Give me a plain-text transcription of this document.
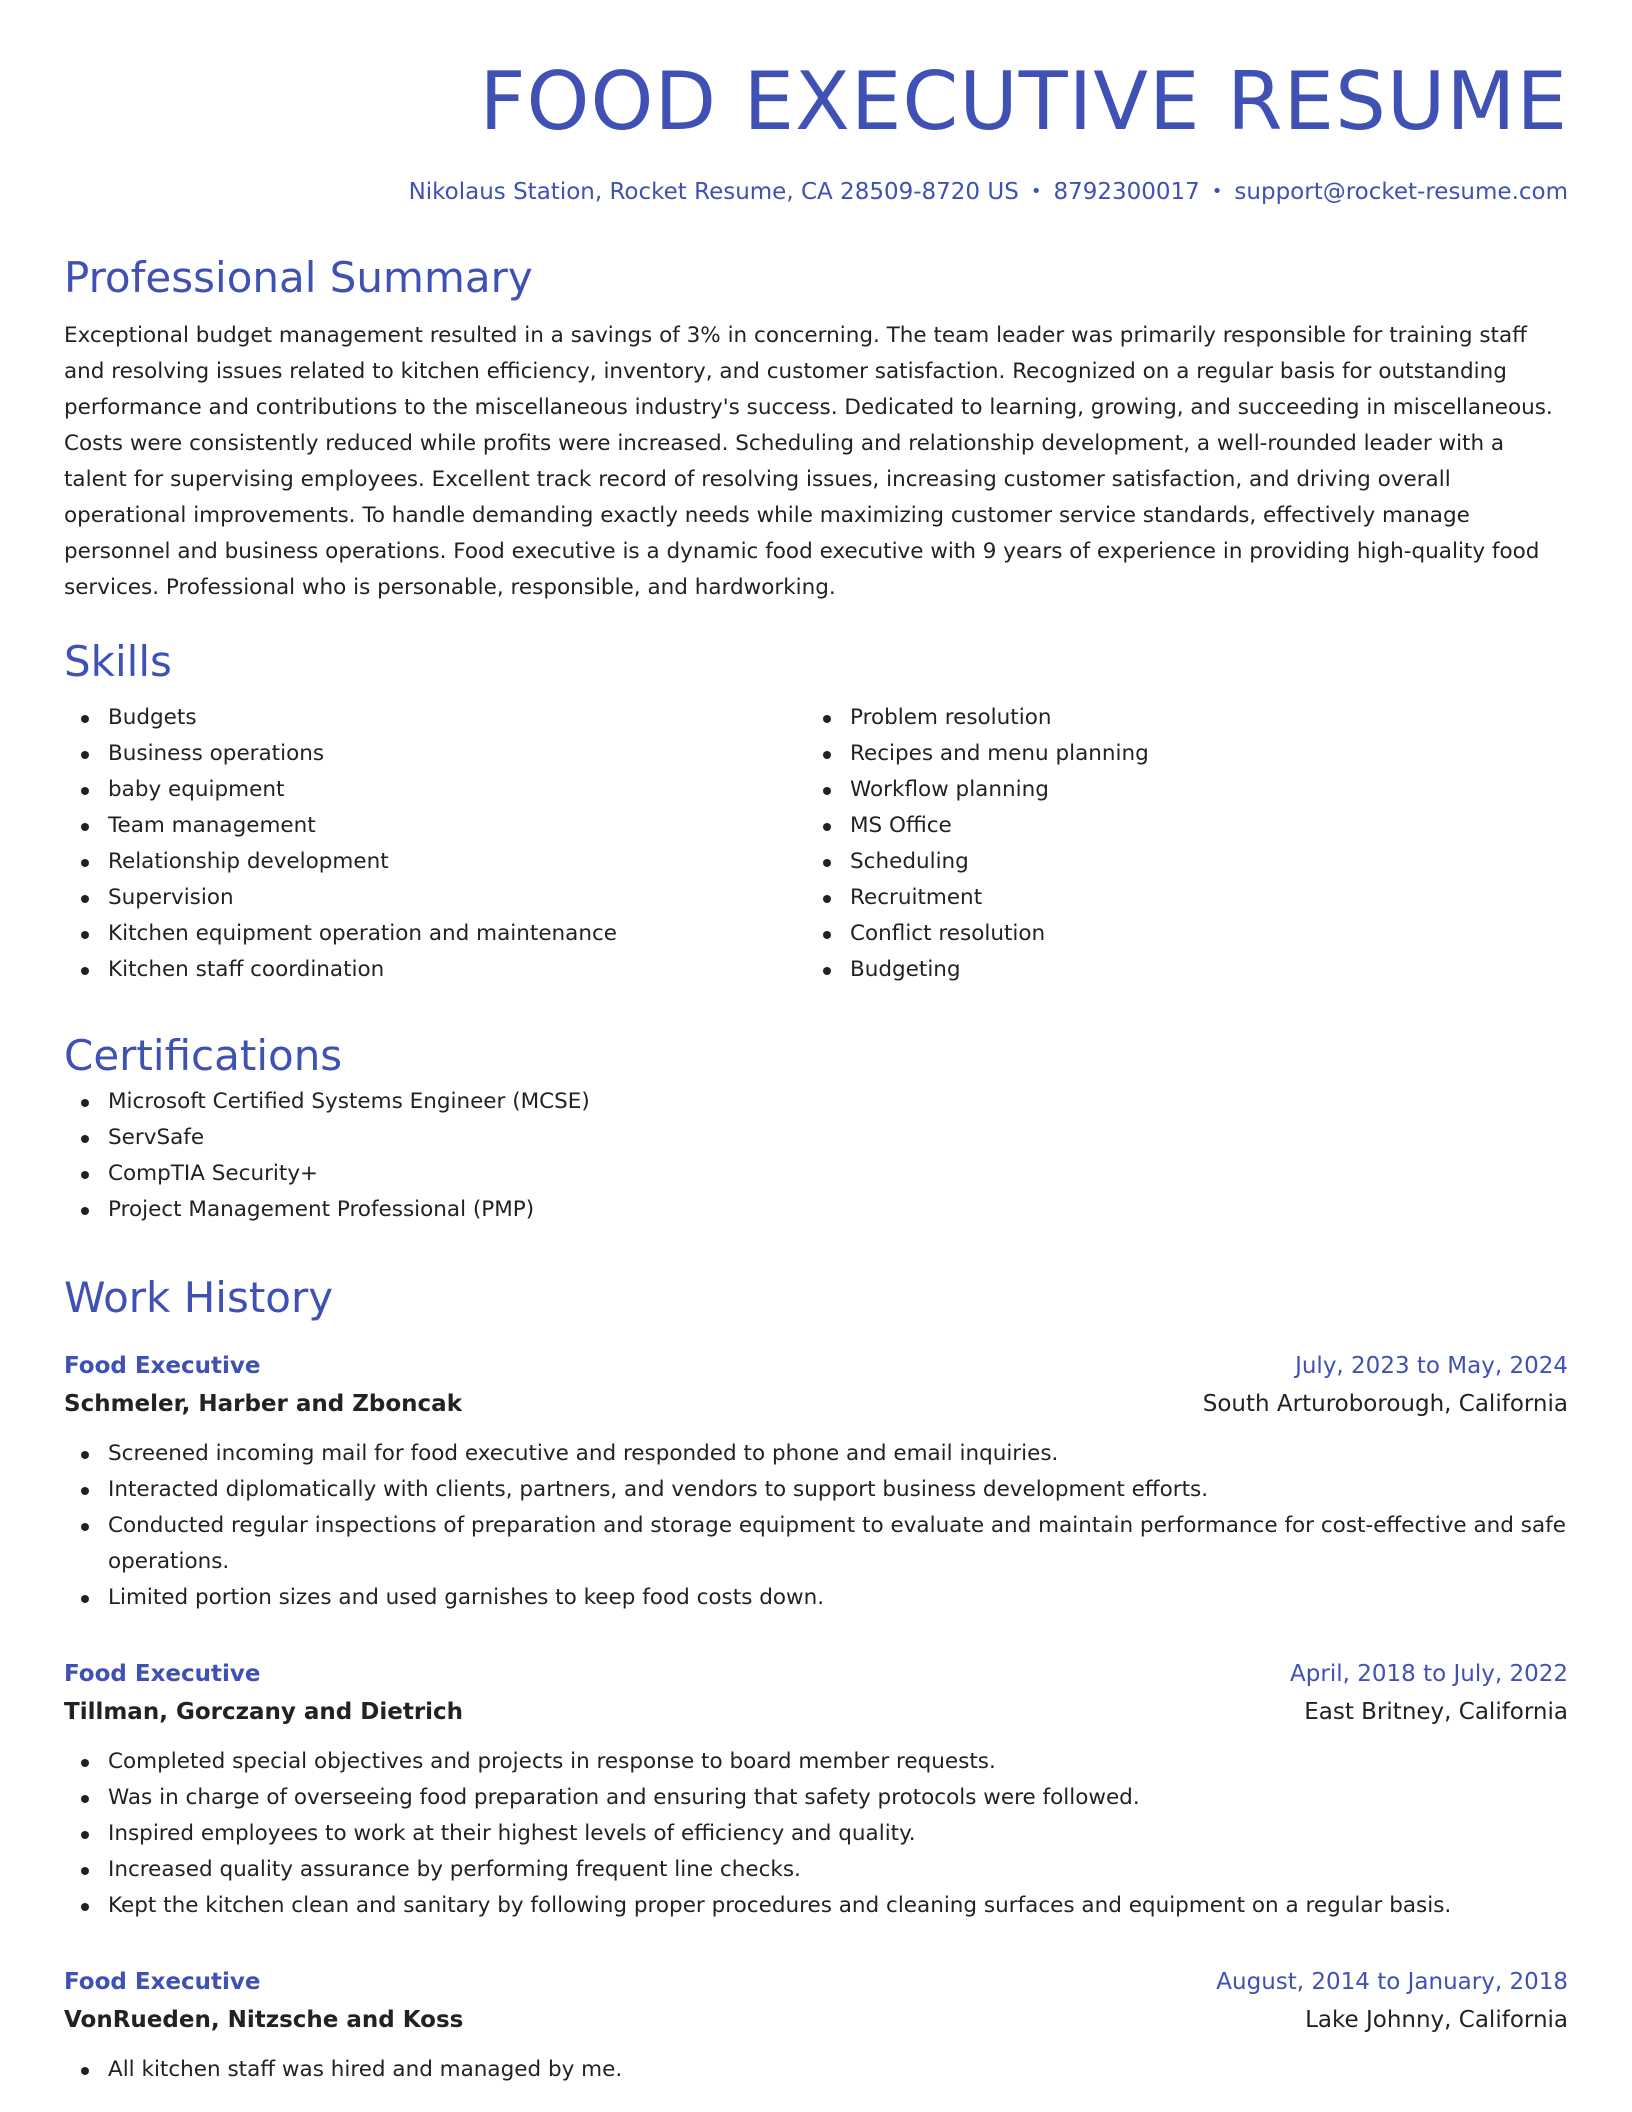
FOOD EXECUTIVE RESUME
Nikolaus Station, Rocket Resume, CA 28509-8720 US • 8792300017 • support@rocket-resume.com
Professional Summary

Exceptional budget management resulted in a savings of 3% in concerning. The team leader was primarily responsible for training staff and resolving issues related to kitchen efficiency, inventory, and customer satisfaction. Recognized on a regular basis for outstanding performance and contributions to the miscellaneous industry's success. Dedicated to learning, growing, and succeeding in miscellaneous. Costs were consistently reduced while profits were increased. Scheduling and relationship development, a well-rounded leader with a talent for supervising employees. Excellent track record of resolving issues, increasing customer satisfaction, and driving overall operational improvements. To handle demanding exactly needs while maximizing customer service standards, effectively manage personnel and business operations. Food executive is a dynamic food executive with 9 years of experience in providing high-quality food services. Professional who is personable, responsible, and hardworking.

Skills
Budgets
Business operations
baby equipment
Team management
Relationship development
Supervision
Kitchen equipment operation and maintenance
Kitchen staff coordination
Problem resolution
Recipes and menu planning
Workflow planning
MS Office
Scheduling
Recruitment
Conflict resolution
Budgeting
Certifications
Microsoft Certified Systems Engineer (MCSE)
ServSafe
CompTIA Security+
Project Management Professional (PMP)
Work History
Food Executive	July, 2023 to May, 2024
Schmeler, Harber and Zboncak	South Arturoborough, California
Screened incoming mail for food executive and responded to phone and email inquiries.
Interacted diplomatically with clients, partners, and vendors to support business development efforts.
Conducted regular inspections of preparation and storage equipment to evaluate and maintain performance for cost-effective and safe operations.
Limited portion sizes and used garnishes to keep food costs down.
Food Executive	April, 2018 to July, 2022
Tillman, Gorczany and Dietrich	East Britney, California
Completed special objectives and projects in response to board member requests.
Was in charge of overseeing food preparation and ensuring that safety protocols were followed.
Inspired employees to work at their highest levels of efficiency and quality.
Increased quality assurance by performing frequent line checks.
Kept the kitchen clean and sanitary by following proper procedures and cleaning surfaces and equipment on a regular basis.
Food Executive	August, 2014 to January, 2018
VonRueden, Nitzsche and Koss	Lake Johnny, California
All kitchen staff was hired and managed by me.
